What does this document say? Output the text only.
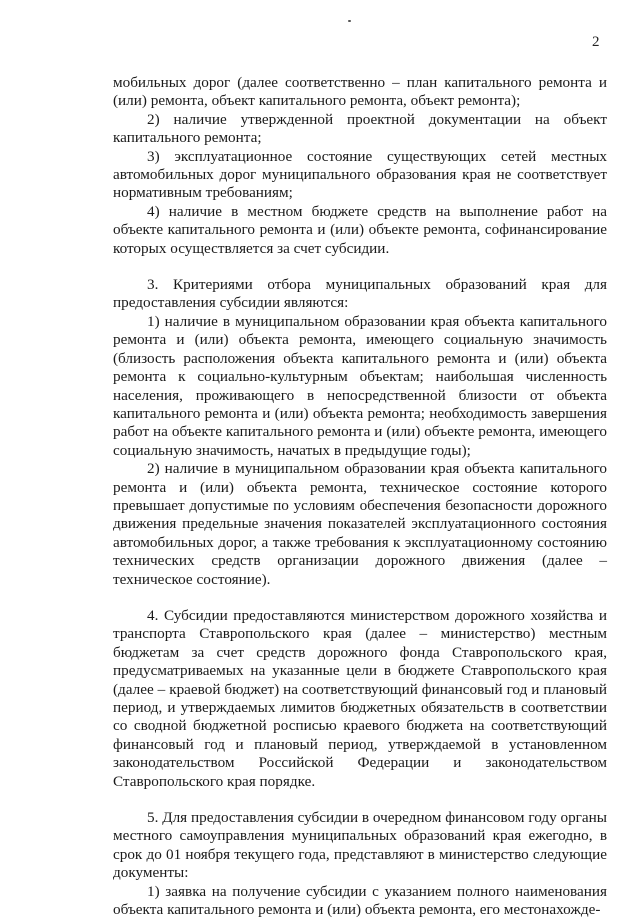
2

мобильных дорог (далее соответственно – план капитального ремонта и (или) ремонта, объект капитального ремонта, объект ремонта);

2) наличие утвержденной проектной документации на объект капитального ремонта;

3) эксплуатационное состояние существующих сетей местных автомобильных дорог муниципального образования края не соответствует нормативным требованиям;

4) наличие в местном бюджете средств на выполнение работ на объекте капитального ремонта и (или) объекте ремонта, софинансирование которых осуществляется за счет субсидии.

3. Критериями отбора муниципальных образований края для предоставления субсидии являются:

1) наличие в муниципальном образовании края объекта капитального ремонта и (или) объекта ремонта, имеющего социальную значимость (близость расположения объекта капитального ремонта и (или) объекта ремонта к социально-культурным объектам; наибольшая численность населения, проживающего в непосредственной близости от объекта капитального ремонта и (или) объекта ремонта; необходимость завершения работ на объекте капитального ремонта и (или) объекте ремонта, имеющего социальную значимость, начатых в предыдущие годы);

2) наличие в муниципальном образовании края объекта капитального ремонта и (или) объекта ремонта, техническое состояние которого превышает допустимые по условиям обеспечения безопасности дорожного движения предельные значения показателей эксплуатационного состояния автомобильных дорог, а также требования к эксплуатационному состоянию технических средств организации дорожного движения (далее – техническое состояние).

4. Субсидии предоставляются министерством дорожного хозяйства и транспорта Ставропольского края (далее – министерство) местным бюджетам за счет средств дорожного фонда Ставропольского края, предусматриваемых на указанные цели в бюджете Ставропольского края (далее – краевой бюджет) на соответствующий финансовый год и плановый период, и утверждаемых лимитов бюджетных обязательств в соответствии со сводной бюджетной росписью краевого бюджета на соответствующий финансовый год и плановый период, утверждаемой в установленном законодательством Российской Федерации и законодательством Ставропольского края порядке.

5. Для предоставления субсидии в очередном финансовом году органы местного самоуправления муниципальных образований края ежегодно, в срок до 01 ноября текущего года, представляют в министерство следующие документы:

1) заявка на получение субсидии с указанием полного наименования объекта капитального ремонта и (или) объекта ремонта, его местонахожде-
